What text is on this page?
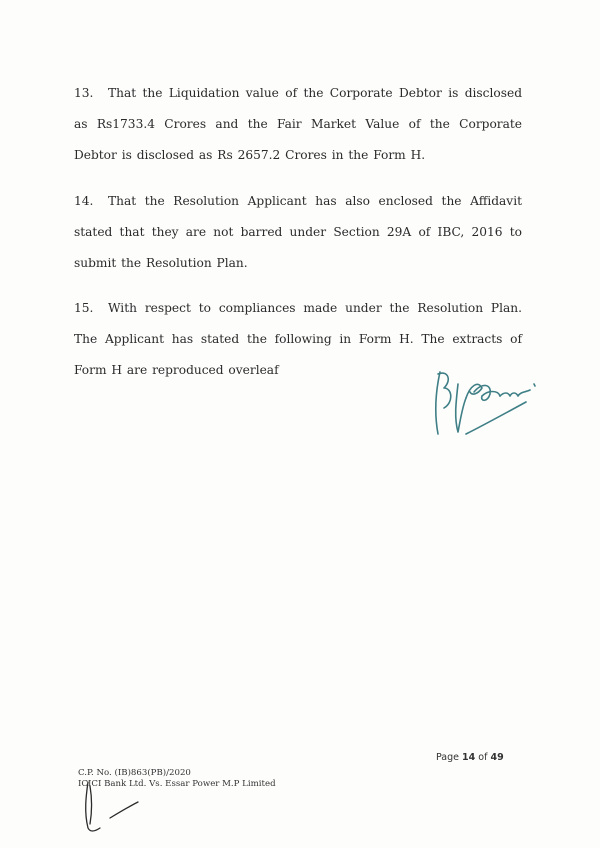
13. That the Liquidation value of the Corporate Debtor is disclosed as Rs1733.4 Crores and the Fair Market Value of the Corporate Debtor is disclosed as Rs 2657.2 Crores in the Form H.

14. That the Resolution Applicant has also enclosed the Affidavit stated that they are not barred under Section 29A of IBC, 2016 to submit the Resolution Plan.

15. With respect to compliances made under the Resolution Plan. The Applicant has stated the following in Form H. The extracts of Form H are reproduced overleaf

Page 14 of 49
C.P. No. (IB)863(PB)/2020
ICICI Bank Ltd. Vs. Essar Power M.P Limited
